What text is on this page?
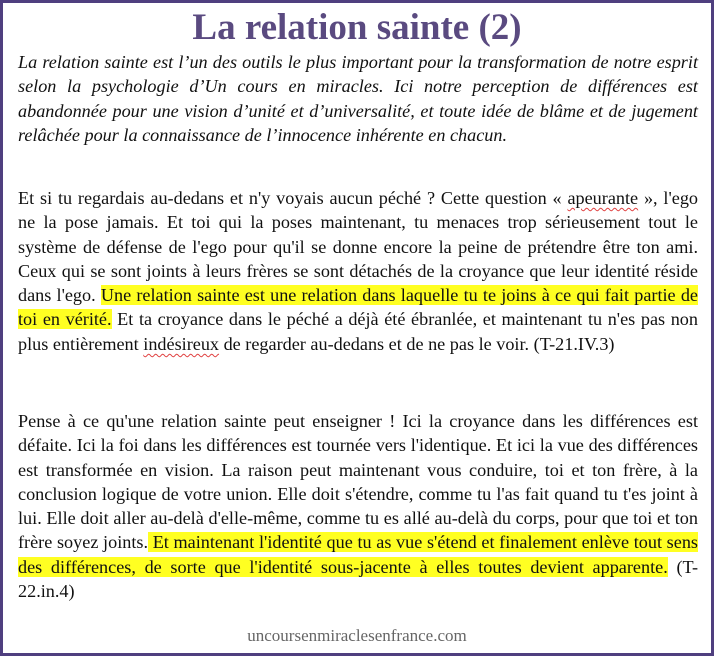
La relation sainte (2)

La relation sainte est l’un des outils le plus important pour la transformation de notre esprit selon la psychologie d’Un cours en miracles. Ici notre perception de différences est abandonnée pour une vision d’unité et d’universalité, et toute idée de blâme et de jugement relâchée pour la connaissance de l’innocence inhérente en chacun.

Et si tu regardais au-dedans et n'y voyais aucun péché ? Cette question « apeurante », l'ego ne la pose jamais. Et toi qui la poses maintenant, tu menaces trop sérieusement tout le système de défense de l'ego pour qu'il se donne encore la peine de prétendre être ton ami. Ceux qui se sont joints à leurs frères se sont détachés de la croyance que leur identité réside dans l'ego. Une relation sainte est une relation dans laquelle tu te joins à ce qui fait partie de toi en vérité. Et ta croyance dans le péché a déjà été ébranlée, et maintenant tu n'es pas non plus entièrement indésireux de regarder au-dedans et de ne pas le voir. (T-21.IV.3)

Pense à ce qu'une relation sainte peut enseigner ! Ici la croyance dans les différences est défaite. Ici la foi dans les différences est tournée vers l'identique. Et ici la vue des différences est transformée en vision. La raison peut maintenant vous conduire, toi et ton frère, à la conclusion logique de votre union. Elle doit s'étendre, comme tu l'as fait quand tu t'es joint à lui. Elle doit aller au-delà d'elle-même, comme tu es allé au-delà du corps, pour que toi et ton frère soyez joints. Et maintenant l'identité que tu as vue s'étend et finalement enlève tout sens des différences, de sorte que l'identité sous-jacente à elles toutes devient apparente. (T-22.in.4)

uncoursenmiraclesenfrance.com
